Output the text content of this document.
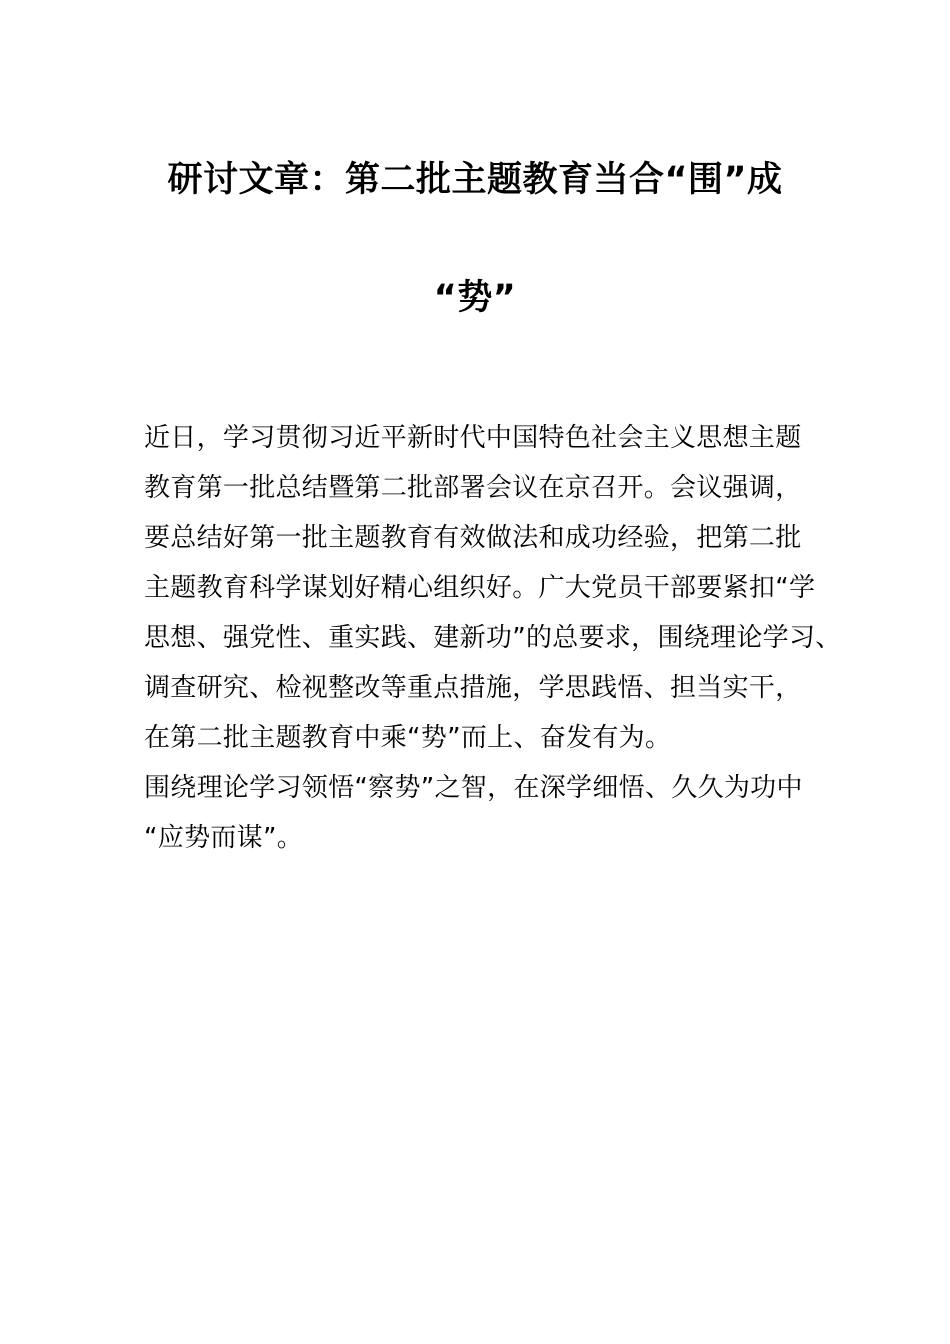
研讨文章：第二批主题教育当合“围”成
“势”
近日，学习贯彻习近平新时代中国特色社会主义思想主题
教育第一批总结暨第二批部署会议在京召开。会议强调，
要总结好第一批主题教育有效做法和成功经验，把第二批
主题教育科学谋划好精心组织好。广大党员干部要紧扣“学
思想、强党性、重实践、建新功”的总要求，围绕理论学习、
调查研究、检视整改等重点措施，学思践悟、担当实干，
在第二批主题教育中乘“势”而上、奋发有为。
围绕理论学习领悟“察势”之智，在深学细悟、久久为功中
“应势而谋”。
